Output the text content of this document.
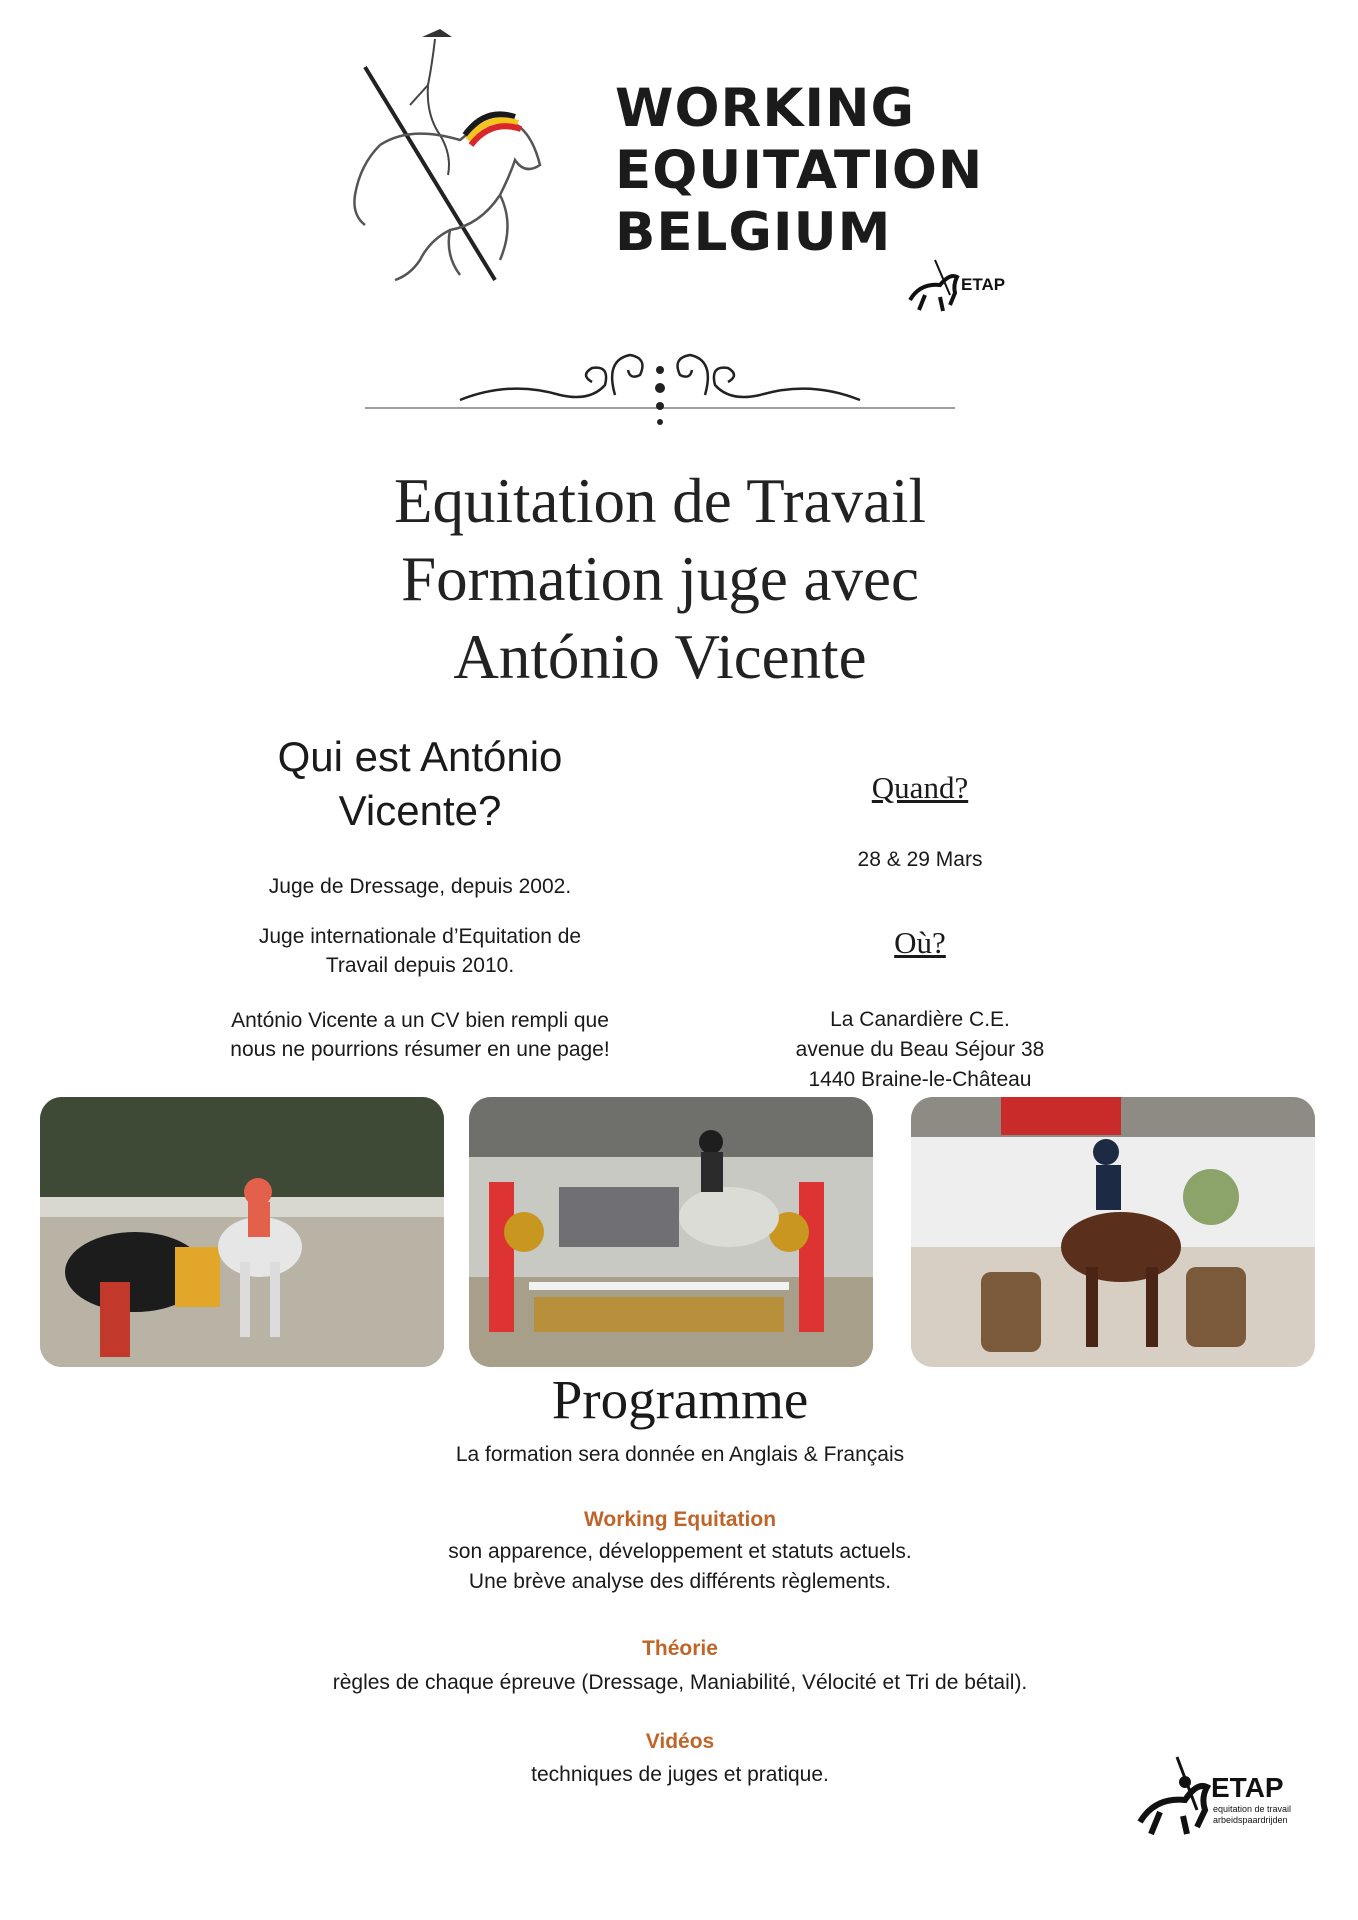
WORKING
EQUITATION
BELGIUM
ETAP
Equitation de Travail
Formation juge avec
António Vicente
Qui est António
Vicente?
Juge de Dressage, depuis 2002.
Juge internationale d’Equitation de
Travail depuis 2010.
António Vicente a un CV bien rempli que
nous ne pourrions résumer en une page!
Quand?
28 & 29 Mars
Où?
La Canardière C.E.
avenue du Beau Séjour 38
1440 Braine-le-Château
Programme
La formation sera donnée en Anglais & Français
Working Equitation
son apparence, développement et statuts actuels.
Une brève analyse des différents règlements.
Théorie
règles de chaque épreuve (Dressage, Maniabilité, Vélocité et Tri de bétail).
Vidéos
techniques de juges et pratique.	ETAP
equitation de travail
arbeidspaardrijden
